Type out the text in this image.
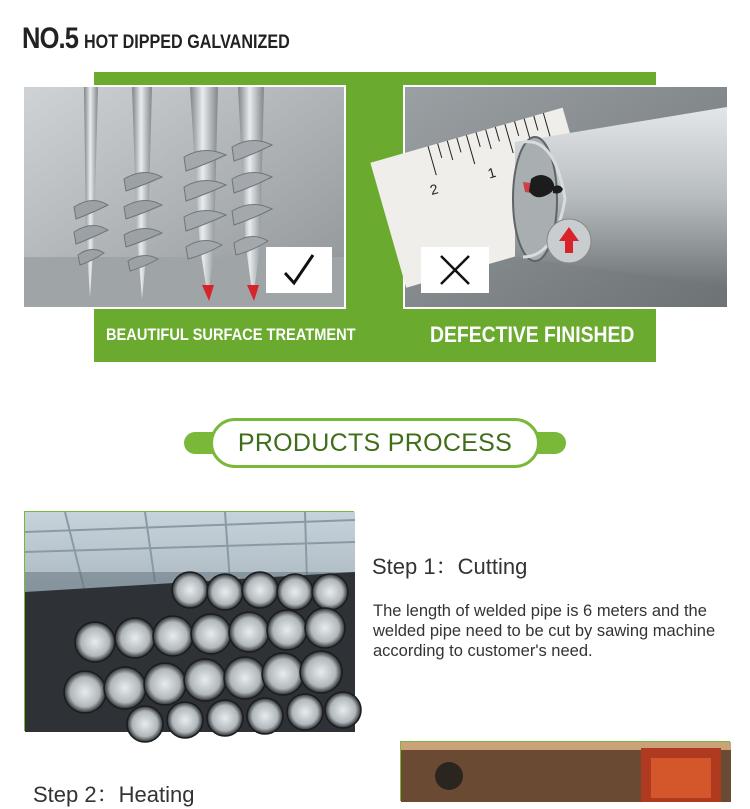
NO.5 HOT DIPPED GALVANIZED
1
2
BEAUTIFUL SURFACE TREATMENT	DEFECTIVE FINISHED
PRODUCTS PROCESS
Step 1：Cutting
The length of welded pipe is 6 meters and the welded pipe need to be cut by sawing machine according to customer's need.
Step 2：Heating
